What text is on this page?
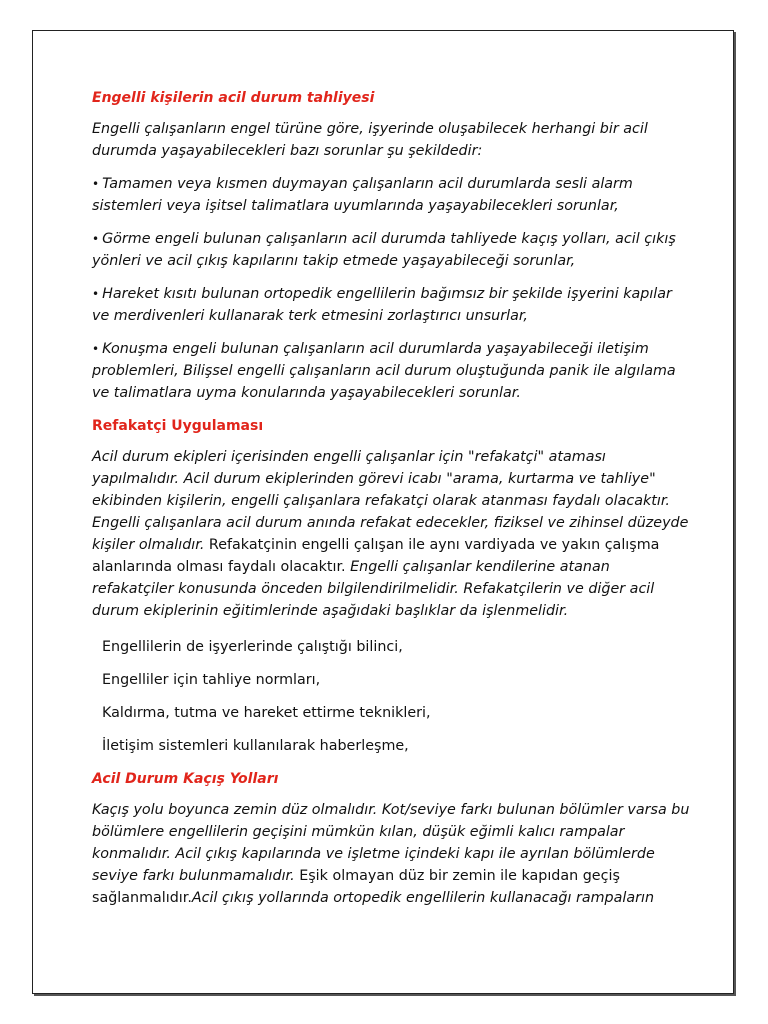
Engelli kişilerin acil durum tahliyesi

Engelli çalışanların engel türüne göre, işyerinde oluşabilecek herhangi bir acil durumda yaşayabilecekleri bazı sorunlar şu şekildedir:

• Tamamen veya kısmen duymayan çalışanların acil durumlarda sesli alarm sistemleri veya işitsel talimatlara uyumlarında yaşayabilecekleri sorunlar,

• Görme engeli bulunan çalışanların acil durumda tahliyede kaçış yolları, acil çıkış yönleri ve acil çıkış kapılarını takip etmede yaşayabileceği sorunlar,

• Hareket kısıtı bulunan ortopedik engellilerin bağımsız bir şekilde işyerini kapılar ve merdivenleri kullanarak terk etmesini zorlaştırıcı unsurlar,

• Konuşma engeli bulunan çalışanların acil durumlarda yaşayabileceği iletişim problemleri, Bilişsel engelli çalışanların acil durum oluştuğunda panik ile algılama ve talimatlara uyma konularında yaşayabilecekleri sorunlar.

Refakatçi Uygulaması

Acil durum ekipleri içerisinden engelli çalışanlar için "refakatçi" ataması yapılmalıdır. Acil durum ekiplerinden görevi icabı "arama, kurtarma ve tahliye" ekibinden kişilerin, engelli çalışanlara refakatçi olarak atanması faydalı olacaktır. Engelli çalışanlara acil durum anında refakat edecekler, fiziksel ve zihinsel düzeyde kişiler olmalıdır. Refakatçinin engelli çalışan ile aynı vardiyada ve yakın çalışma alanlarında olması faydalı olacaktır. Engelli çalışanlar kendilerine atanan refakatçiler konusunda önceden bilgilendirilmelidir. Refakatçilerin ve diğer acil durum ekiplerinin eğitimlerinde aşağıdaki başlıklar da işlenmelidir.

Engellilerin de işyerlerinde çalıştığı bilinci,

Engelliler için tahliye normları,

Kaldırma, tutma ve hareket ettirme teknikleri,

İletişim sistemleri kullanılarak haberleşme,

Acil Durum Kaçış Yolları

Kaçış yolu boyunca zemin düz olmalıdır. Kot/seviye farkı bulunan bölümler varsa bu bölümlere engellilerin geçişini mümkün kılan, düşük eğimli kalıcı rampalar konmalıdır. Acil çıkış kapılarında ve işletme içindeki kapı ile ayrılan bölümlerde seviye farkı bulunmamalıdır. Eşik olmayan düz bir zemin ile kapıdan geçiş sağlanmalıdır.Acil çıkış yollarında ortopedik engellilerin kullanacağı rampaların
